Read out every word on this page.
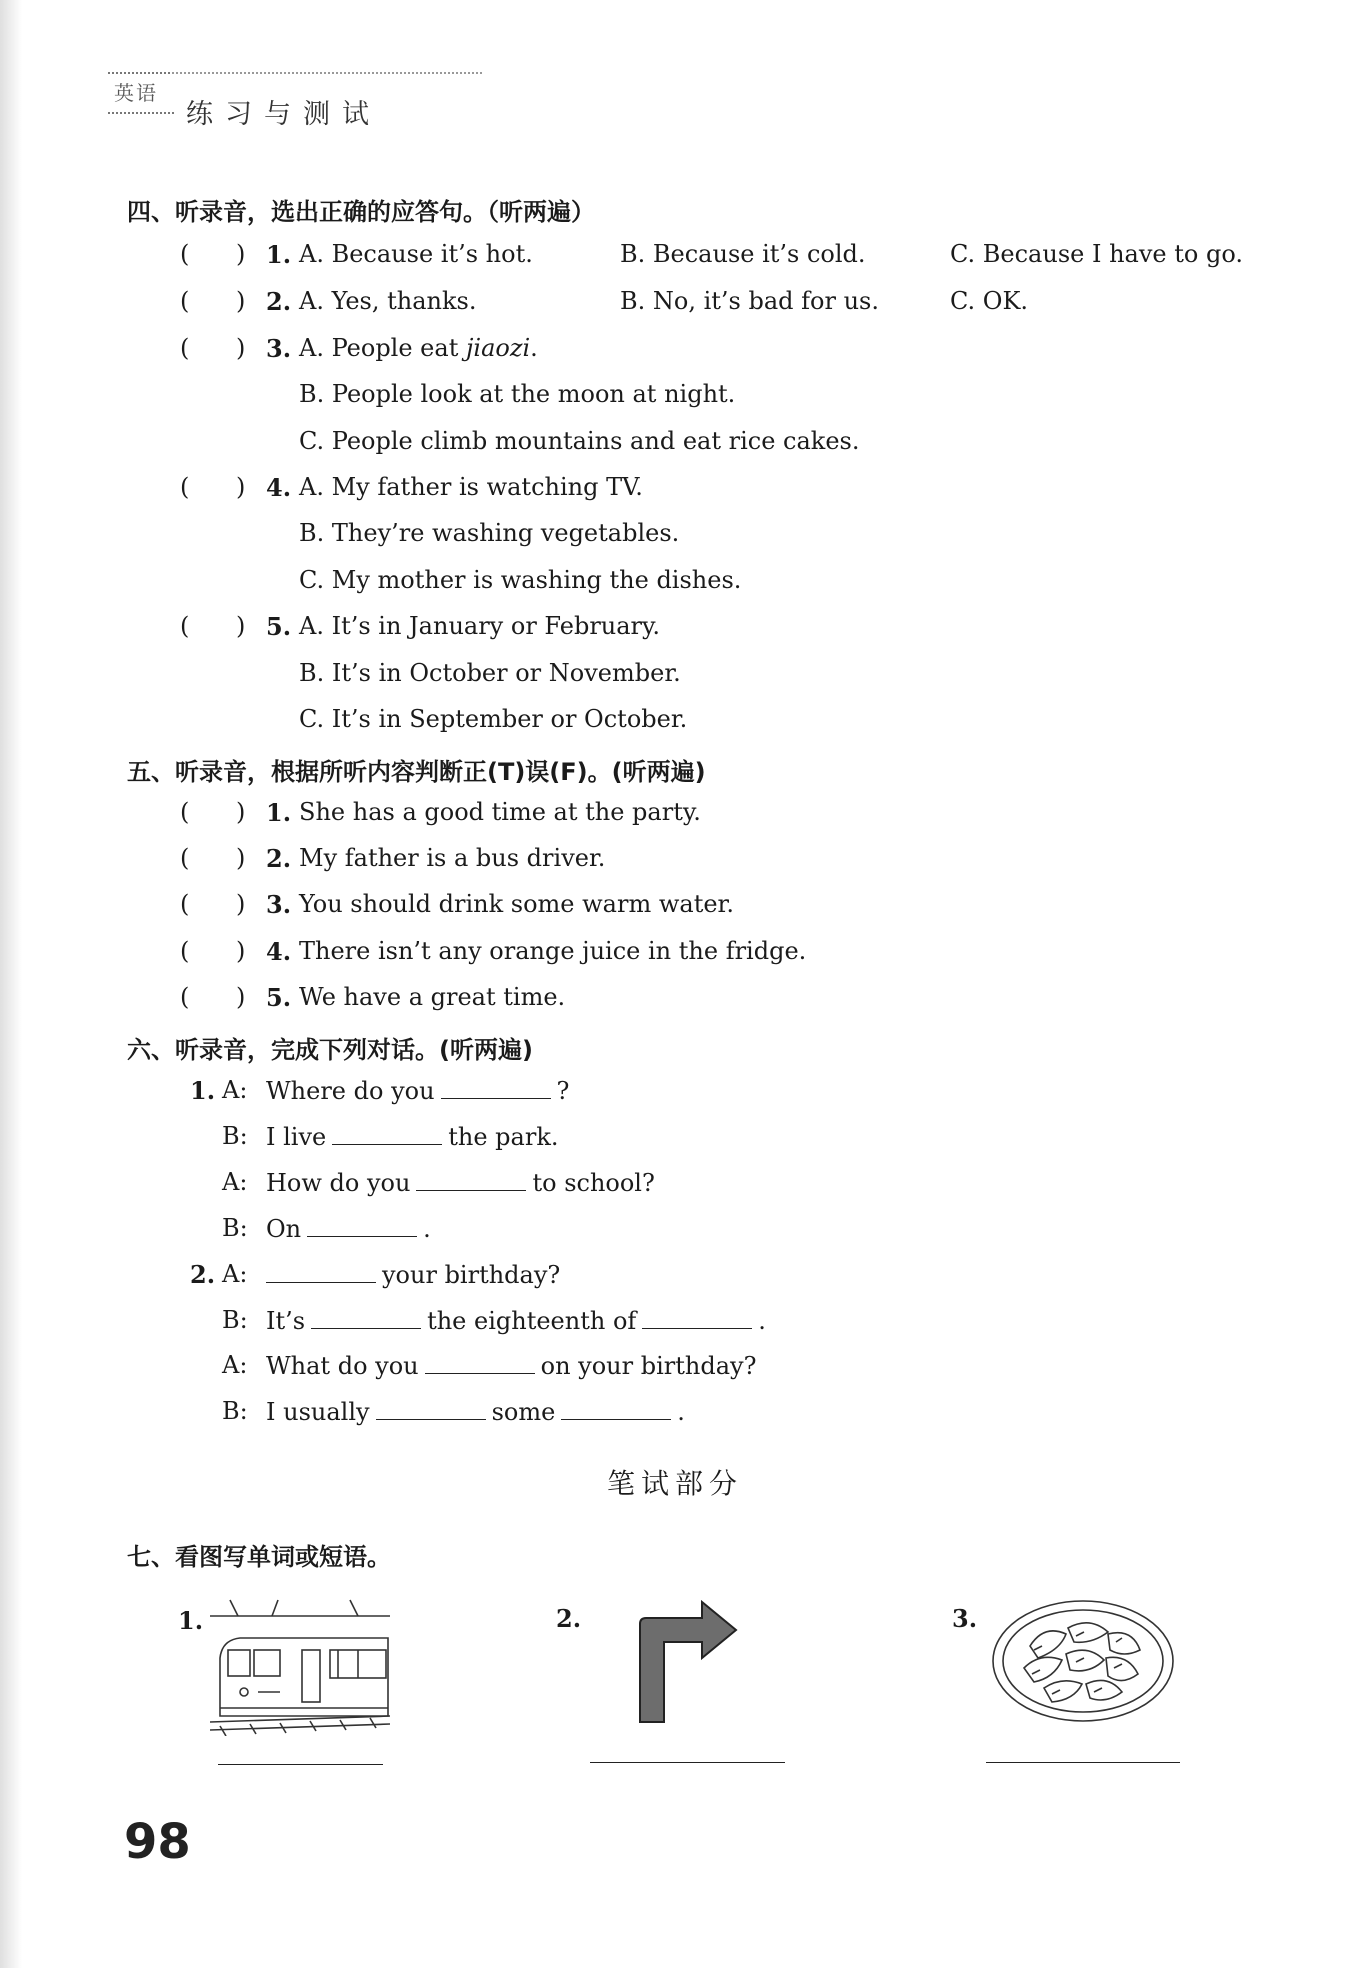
英语
练习与测试
四、听录音，选出正确的应答句。（听两遍）
( ) 1. A. Because it’s hot.	B. Because it’s cold.	C. Because I have to go.
( ) 2. A. Yes, thanks.	B. No, it’s bad for us.	C. OK.
( ) 3. A. People eat jiaozi.
B. People look at the moon at night.
C. People climb mountains and eat rice cakes.
( ) 4. A. My father is watching TV.
B. They’re washing vegetables.
C. My mother is washing the dishes.
( ) 5. A. It’s in January or February.
B. It’s in October or November.
C. It’s in September or October.
五、听录音，根据所听内容判断正(T)误(F)。(听两遍)
( ) 1. She has a good time at the party.
( ) 2. My father is a bus driver.
( ) 3. You should drink some warm water.
( ) 4. There isn’t any orange juice in the fridge.
( ) 5. We have a great time.
六、听录音，完成下列对话。(听两遍)
1. A: Where do you	?
B: I live	the park.
A: How do you	to school?
B: On	.
2. A:	your birthday?
B: It’s	the eighteenth of	.
A: What do you	on your birthday?
B: I usually	some	.
笔试部分
七、看图写单词或短语。
1.	2.	3.
98
